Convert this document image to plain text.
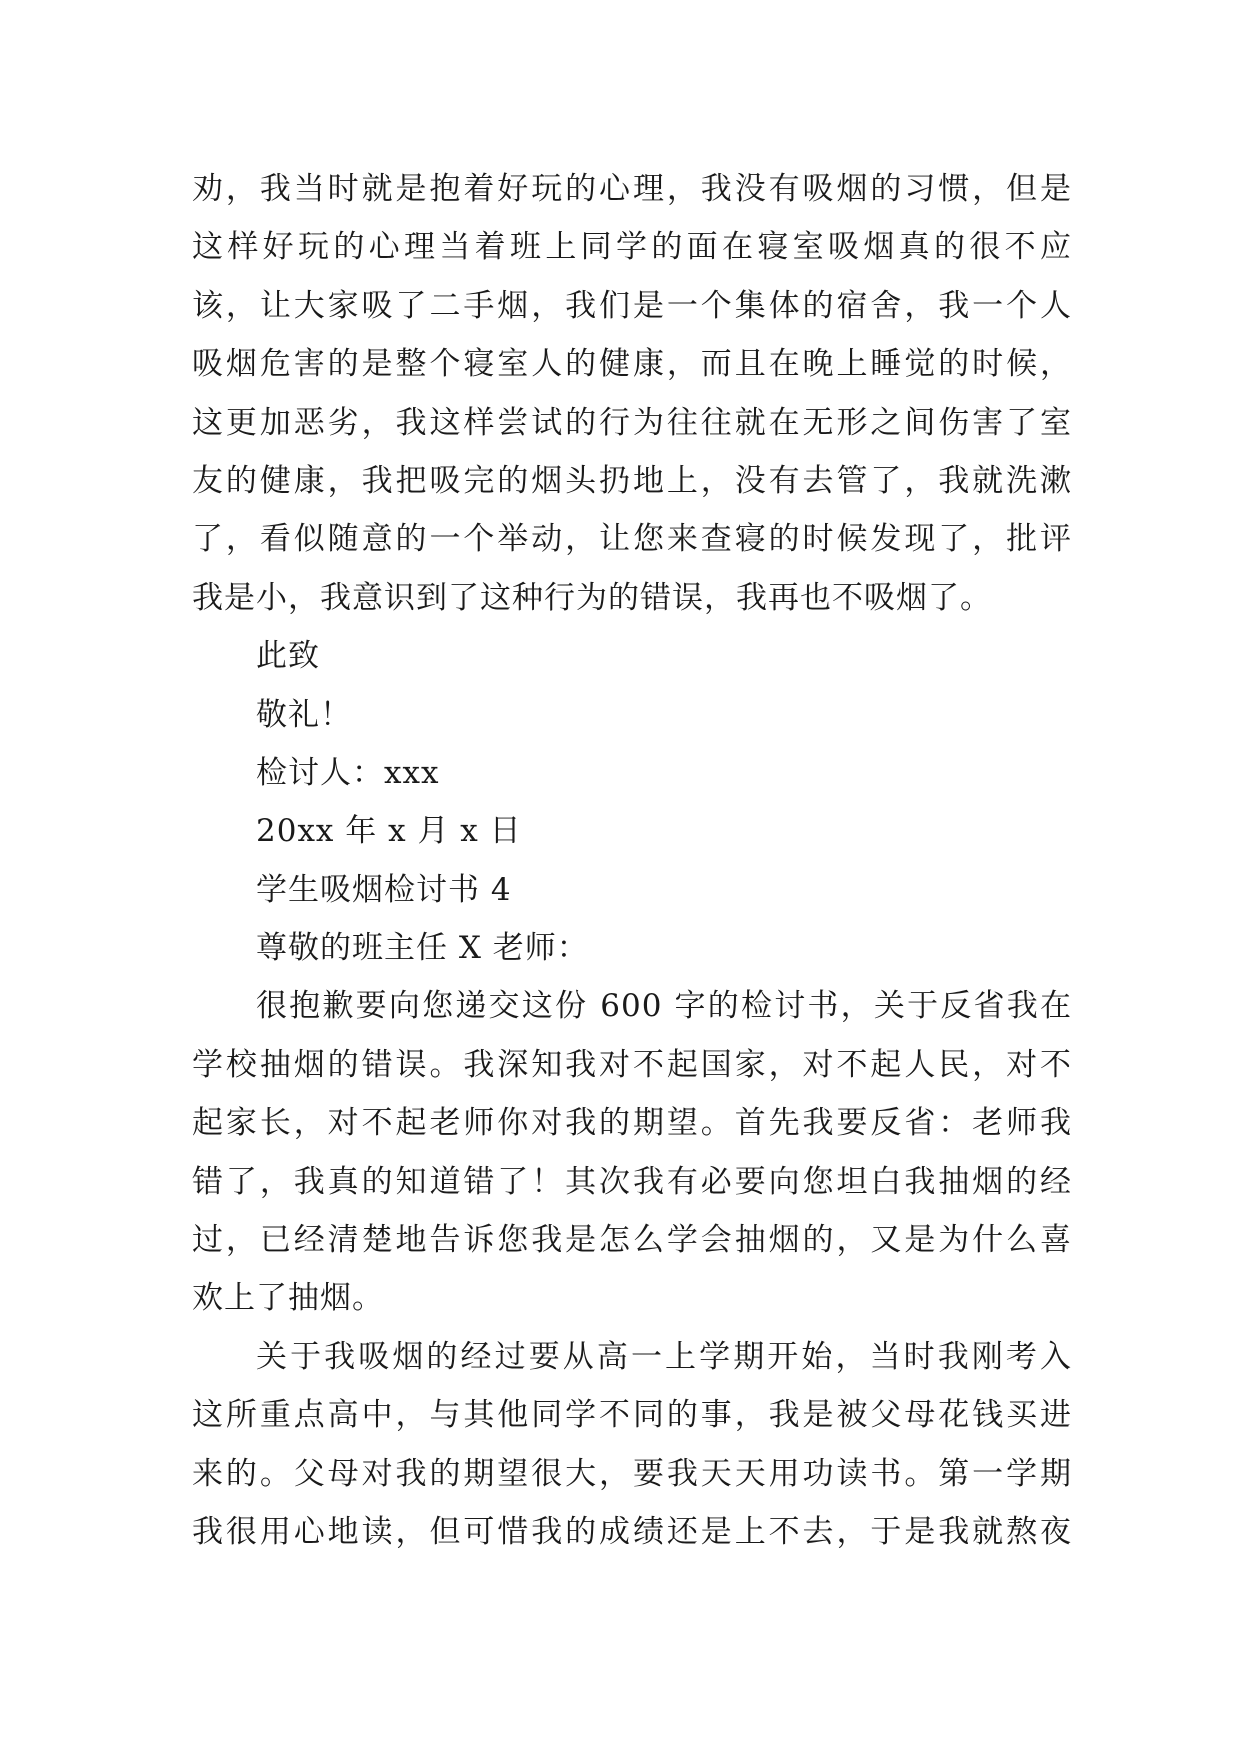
劝，我当时就是抱着好玩的心理，我没有吸烟的习惯，但是
这样好玩的心理当着班上同学的面在寝室吸烟真的很不应
该，让大家吸了二手烟，我们是一个集体的宿舍，我一个人
吸烟危害的是整个寝室人的健康，而且在晚上睡觉的时候，
这更加恶劣，我这样尝试的行为往往就在无形之间伤害了室
友的健康，我把吸完的烟头扔地上，没有去管了，我就洗漱
了，看似随意的一个举动，让您来查寝的时候发现了，批评
我是小，我意识到了这种行为的错误，我再也不吸烟了。
此致
敬礼！
检讨人：xxx
20xx 年 x 月 x 日
学生吸烟检讨书 4
尊敬的班主任 X 老师：
很抱歉要向您递交这份 600 字的检讨书，关于反省我在
学校抽烟的错误。我深知我对不起国家，对不起人民，对不
起家长，对不起老师你对我的期望。首先我要反省：老师我
错了，我真的知道错了！其次我有必要向您坦白我抽烟的经
过，已经清楚地告诉您我是怎么学会抽烟的，又是为什么喜
欢上了抽烟。
关于我吸烟的经过要从高一上学期开始，当时我刚考入
这所重点高中，与其他同学不同的事，我是被父母花钱买进
来的。父母对我的期望很大，要我天天用功读书。第一学期
我很用心地读，但可惜我的成绩还是上不去，于是我就熬夜
